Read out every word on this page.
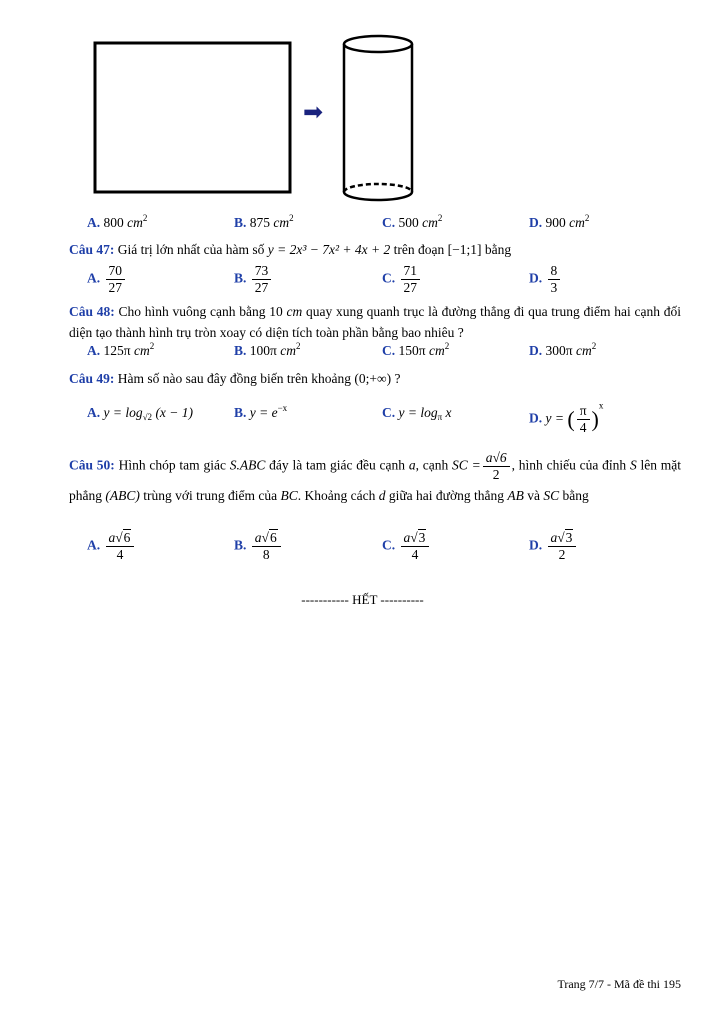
➡
A. 800 $cm^2$	B. 875 $cm^2$	C. 500 $cm^2$	D. 900 $cm^2$
Câu 47: Giá trị lớn nhất của hàm số y = 2x³ − 7x² + 4x + 2 trên đoạn [−1;1] bằng
A. $\frac{70}{27}$	B. $\frac{73}{27}$	C. $\frac{71}{27}$	D. $\frac{8}{3}$
Câu 48: Cho hình vuông cạnh bằng 10 cm quay xung quanh trục là đường thẳng đi qua trung điểm hai cạnh đối diện tạo thành hình trụ tròn xoay có diện tích toàn phần bằng bao nhiêu ?
A. 125π $cm^2$	B. 100π $cm^2$	C. 150π $cm^2$	D. 300π $cm^2$
Câu 49: Hàm số nào sau đây đồng biến trên khoảng (0;+∞) ?
A. $y = \log_{√2} (x - 1)$	B. $y = e^{-x}$	C. $y = \log_\pi x$	D. y = ( $\frac{\pi}{4} )^x$
Câu 50: Hình chóp tam giác S.ABC đáy là tam giác đều cạnh a, cạnh SC = $\frac{a√6}{2}$ , hình chiếu của đỉnh S lên mặt phẳng (ABC) trùng với trung điểm của BC. Khoảng cách d giữa hai đường thẳng AB và SC bằng
A. $\frac{a√6}{4}$	B. $\frac{a√6}{8}$	C. $\frac{a√3}{4}$	D. $\frac{a√3}{2}$
----------- HẾT ----------
Trang 7/7 - Mã đề thi 195
